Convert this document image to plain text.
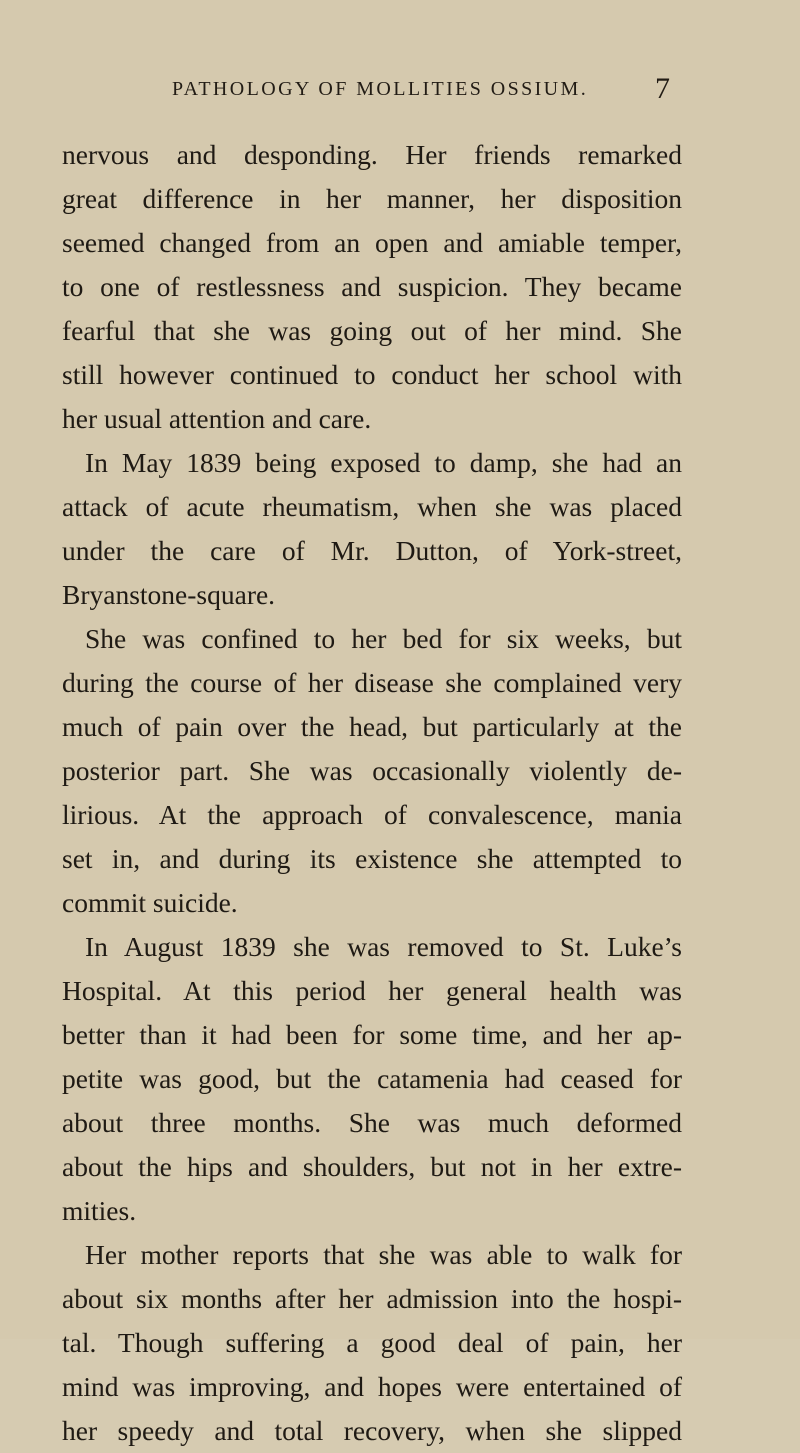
PATHOLOGY OF MOLLITIES OSSIUM. 7
nervous and desponding. Her friends remarked
great difference in her manner, her disposition
seemed changed from an open and amiable temper,
to one of restlessness and suspicion. They became
fearful that she was going out of her mind. She
still however continued to conduct her school with
her usual attention and care.
In May 1839 being exposed to damp, she had an
attack of acute rheumatism, when she was placed
under the care of Mr. Dutton, of York-street,
Bryanstone-square.
She was confined to her bed for six weeks, but
during the course of her disease she complained very
much of pain over the head, but particularly at the
posterior part. She was occasionally violently de-
lirious. At the approach of convalescence, mania
set in, and during its existence she attempted to
commit suicide.
In August 1839 she was removed to St. Luke’s
Hospital. At this period her general health was
better than it had been for some time, and her ap-
petite was good, but the catamenia had ceased for
about three months. She was much deformed
about the hips and shoulders, but not in her extre-
mities.
Her mother reports that she was able to walk for
about six months after her admission into the hospi-
tal. Though suffering a good deal of pain, her
mind was improving, and hopes were entertained of
her speedy and total recovery, when she slipped
